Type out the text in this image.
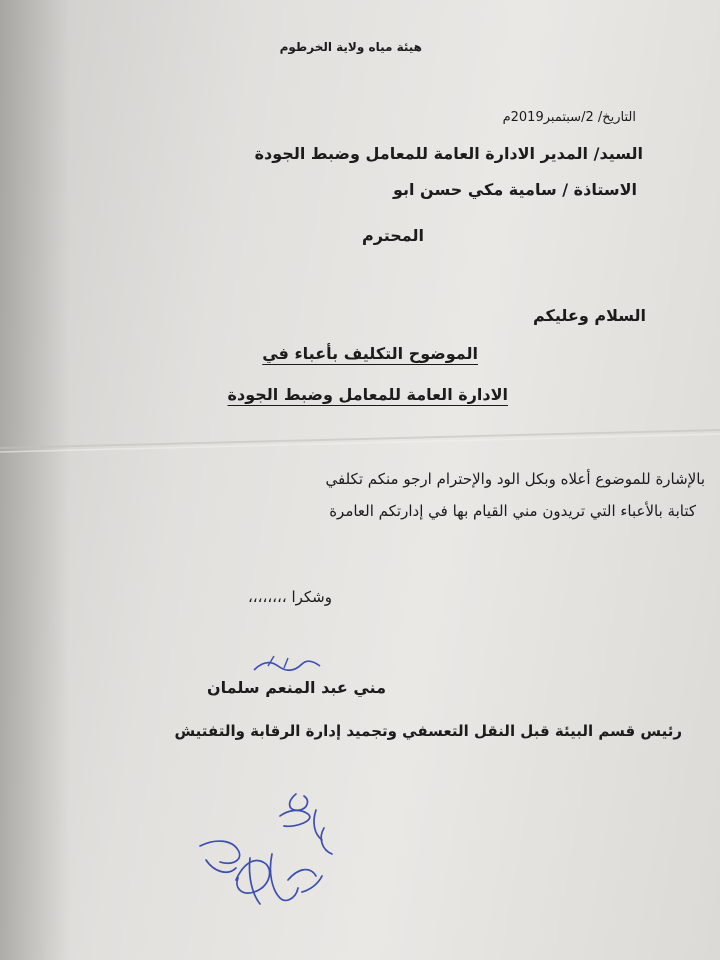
هيئة مياه ولاية الخرطوم
التاريخ/ 2/سبتمبر2019م
السيد/ المدير الادارة العامة للمعامل وضبط الجودة
الاستاذة / سامية مكي حسن ابو
المحترم
السلام وعليكم
الموضوح التكليف بأعباء في
الادارة العامة للمعامل وضبط الجودة
بالإشارة للموضوع أعلاه وبكل الود والإحترام ارجو منكم تكلفي
كتابة بالأعباء التي تريدون مني القيام بها في إدارتكم العامرة
وشكرا ،،،،،،،،
مني عبد المنعم سلمان
رئيس قسم البيئة قبل النقل التعسفي وتجميد إدارة الرقابة والتفتيش
